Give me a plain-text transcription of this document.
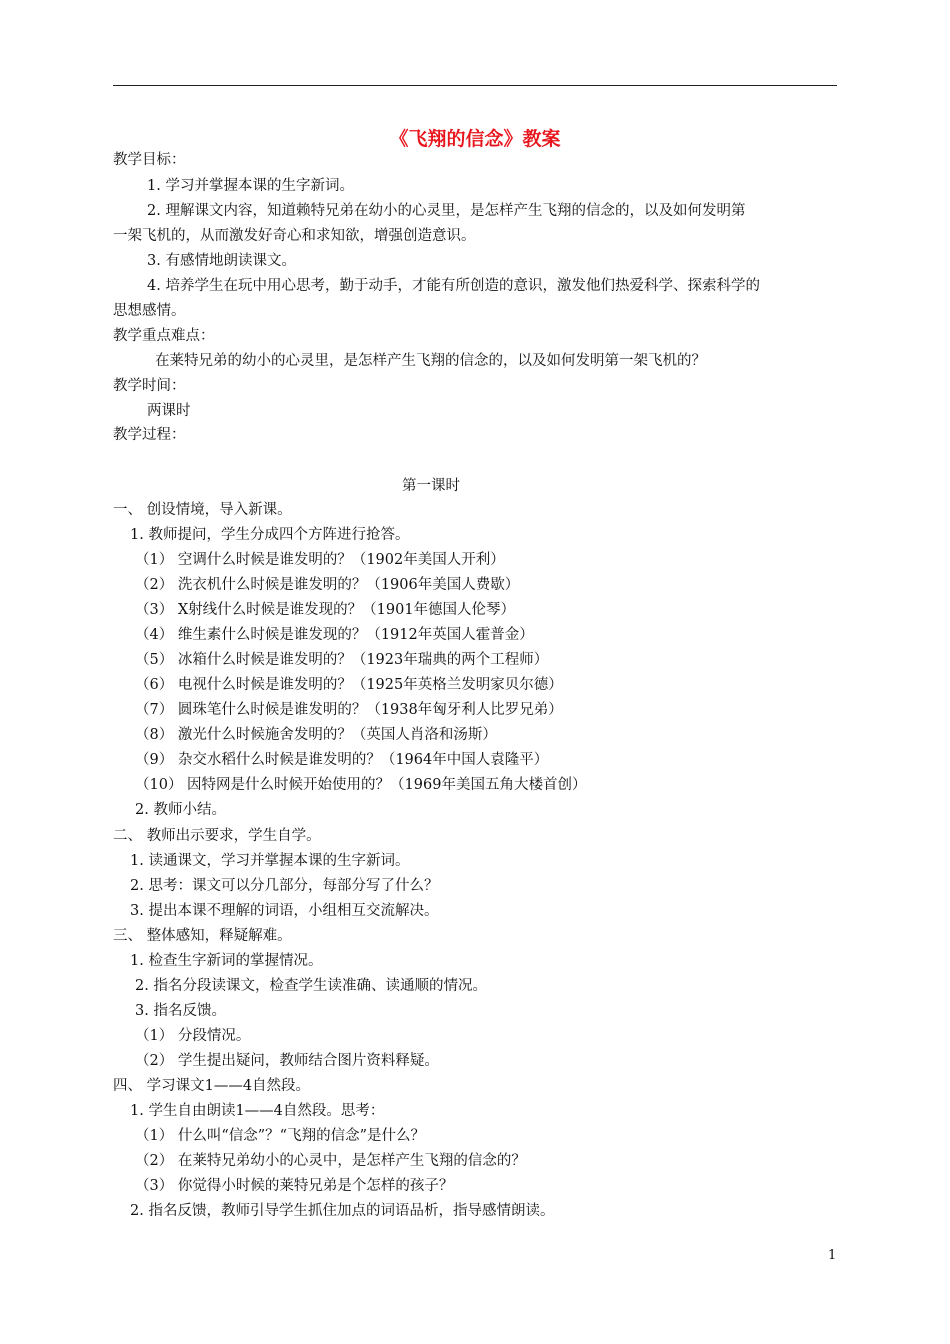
《飞翔的信念》教案
教学目标：
1. 学习并掌握本课的生字新词。
2. 理解课文内容，知道赖特兄弟在幼小的心灵里，是怎样产生飞翔的信念的，以及如何发明第
一架飞机的，从而激发好奇心和求知欲，增强创造意识。
3. 有感情地朗读课文。
4. 培养学生在玩中用心思考，勤于动手，才能有所创造的意识，激发他们热爱科学、探索科学的
思想感情。
教学重点难点：
在莱特兄弟的幼小的心灵里，是怎样产生飞翔的信念的，以及如何发明第一架飞机的？
教学时间：
两课时
教学过程：
第一课时
一、 创设情境，导入新课。
1. 教师提问，学生分成四个方阵进行抢答。
（1） 空调什么时候是谁发明的？（1902年美国人开利）
（2） 洗衣机什么时候是谁发明的？（1906年美国人费歇）
（3） X射线什么时候是谁发现的？（1901年德国人伦琴）
（4） 维生素什么时候是谁发现的？（1912年英国人霍普金）
（5） 冰箱什么时候是谁发明的？（1923年瑞典的两个工程师）
（6） 电视什么时候是谁发明的？（1925年英格兰发明家贝尔德）
（7） 圆珠笔什么时候是谁发明的？（1938年匈牙利人比罗兄弟）
（8） 激光什么时候施舍发明的？（英国人肖洛和汤斯）
（9） 杂交水稻什么时候是谁发明的？（1964年中国人袁隆平）
（10） 因特网是什么时候开始使用的？（1969年美国五角大楼首创）
2. 教师小结。
二、 教师出示要求，学生自学。
1. 读通课文，学习并掌握本课的生字新词。
2. 思考：课文可以分几部分，每部分写了什么？
3. 提出本课不理解的词语，小组相互交流解决。
三、 整体感知，释疑解难。
1. 检查生字新词的掌握情况。
2. 指名分段读课文，检查学生读准确、读通顺的情况。
3. 指名反馈。
（1） 分段情况。
（2） 学生提出疑问，教师结合图片资料释疑。
四、 学习课文1——4自然段。
1. 学生自由朗读1——4自然段。思考：
（1） 什么叫“信念”？“飞翔的信念”是什么？
（2） 在莱特兄弟幼小的心灵中，是怎样产生飞翔的信念的？
（3） 你觉得小时候的莱特兄弟是个怎样的孩子？
2. 指名反馈，教师引导学生抓住加点的词语品析，指导感情朗读。
1
